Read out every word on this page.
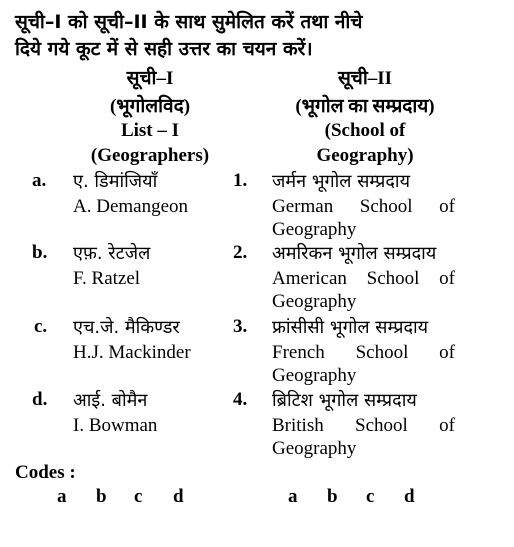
सूची–I को सूची–II के साथ सुमेलित करें तथा नीचे
दिये गये कूट में से सही उत्तर का चयन करें।
सूची–I
(भूगोलविद)
List – I
(Geographers)
सूची–II
(भूगोल का सम्प्रदाय)
(School of
Geography)
a. ए. डिमांजियाँ
A. Demangeon
1. जर्मन भूगोल सम्प्रदाय
German School of
Geography
b. एफ़. रेटजेल
F. Ratzel
2. अमरिकन भूगोल सम्प्रदाय
American School of
Geography
c. एच.जे. मैकिण्डर
H.J. Mackinder
3. फ्रांसीसी भूगोल सम्प्रदाय
French School of
Geography
d. आई. बोमैन
I. Bowman
4. ब्रिटिश भूगोल सम्प्रदाय
British School of
Geography
Codes :
a b c d	a b c d
